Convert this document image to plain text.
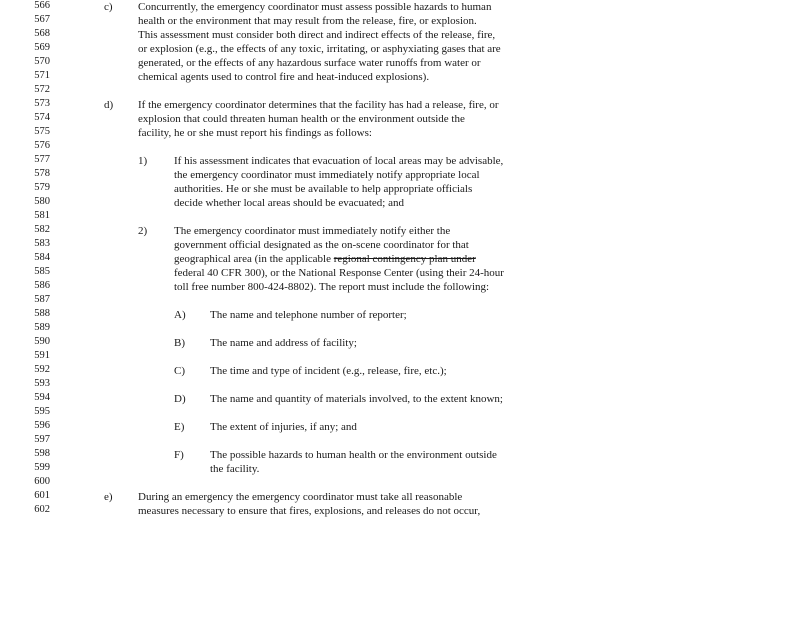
566
567
568
569
570
571
572
573
574
575
576
577
578
579
580
581
582
583
584
585
586
587
588
589
590
591
592
593
594
595
596
597
598
599
600
601
602
c) Concurrently, the emergency coordinator must assess possible hazards to human
health or the environment that may result from the release, fire, or explosion.
This assessment must consider both direct and indirect effects of the release, fire,
or explosion (e.g., the effects of any toxic, irritating, or asphyxiating gases that are
generated, or the effects of any hazardous surface water runoffs from water or
chemical agents used to control fire and heat-induced explosions).
d) If the emergency coordinator determines that the facility has had a release, fire, or
explosion that could threaten human health or the environment outside the
facility, he or she must report his findings as follows:
1) If his assessment indicates that evacuation of local areas may be advisable,
the emergency coordinator must immediately notify appropriate local
authorities. He or she must be available to help appropriate officials
decide whether local areas should be evacuated; and
2) The emergency coordinator must immediately notify either the
government official designated as the on-scene coordinator for that
geographical area (in the applicable regional contingency plan under
federal 40 CFR 300), or the National Response Center (using their 24-hour
toll free number 800-424-8802). The report must include the following:
A) The name and telephone number of reporter;
B) The name and address of facility;
C) The time and type of incident (e.g., release, fire, etc.);
D) The name and quantity of materials involved, to the extent known;
E) The extent of injuries, if any; and
F) The possible hazards to human health or the environment outside
the facility.
e) During an emergency the emergency coordinator must take all reasonable
measures necessary to ensure that fires, explosions, and releases do not occur,
